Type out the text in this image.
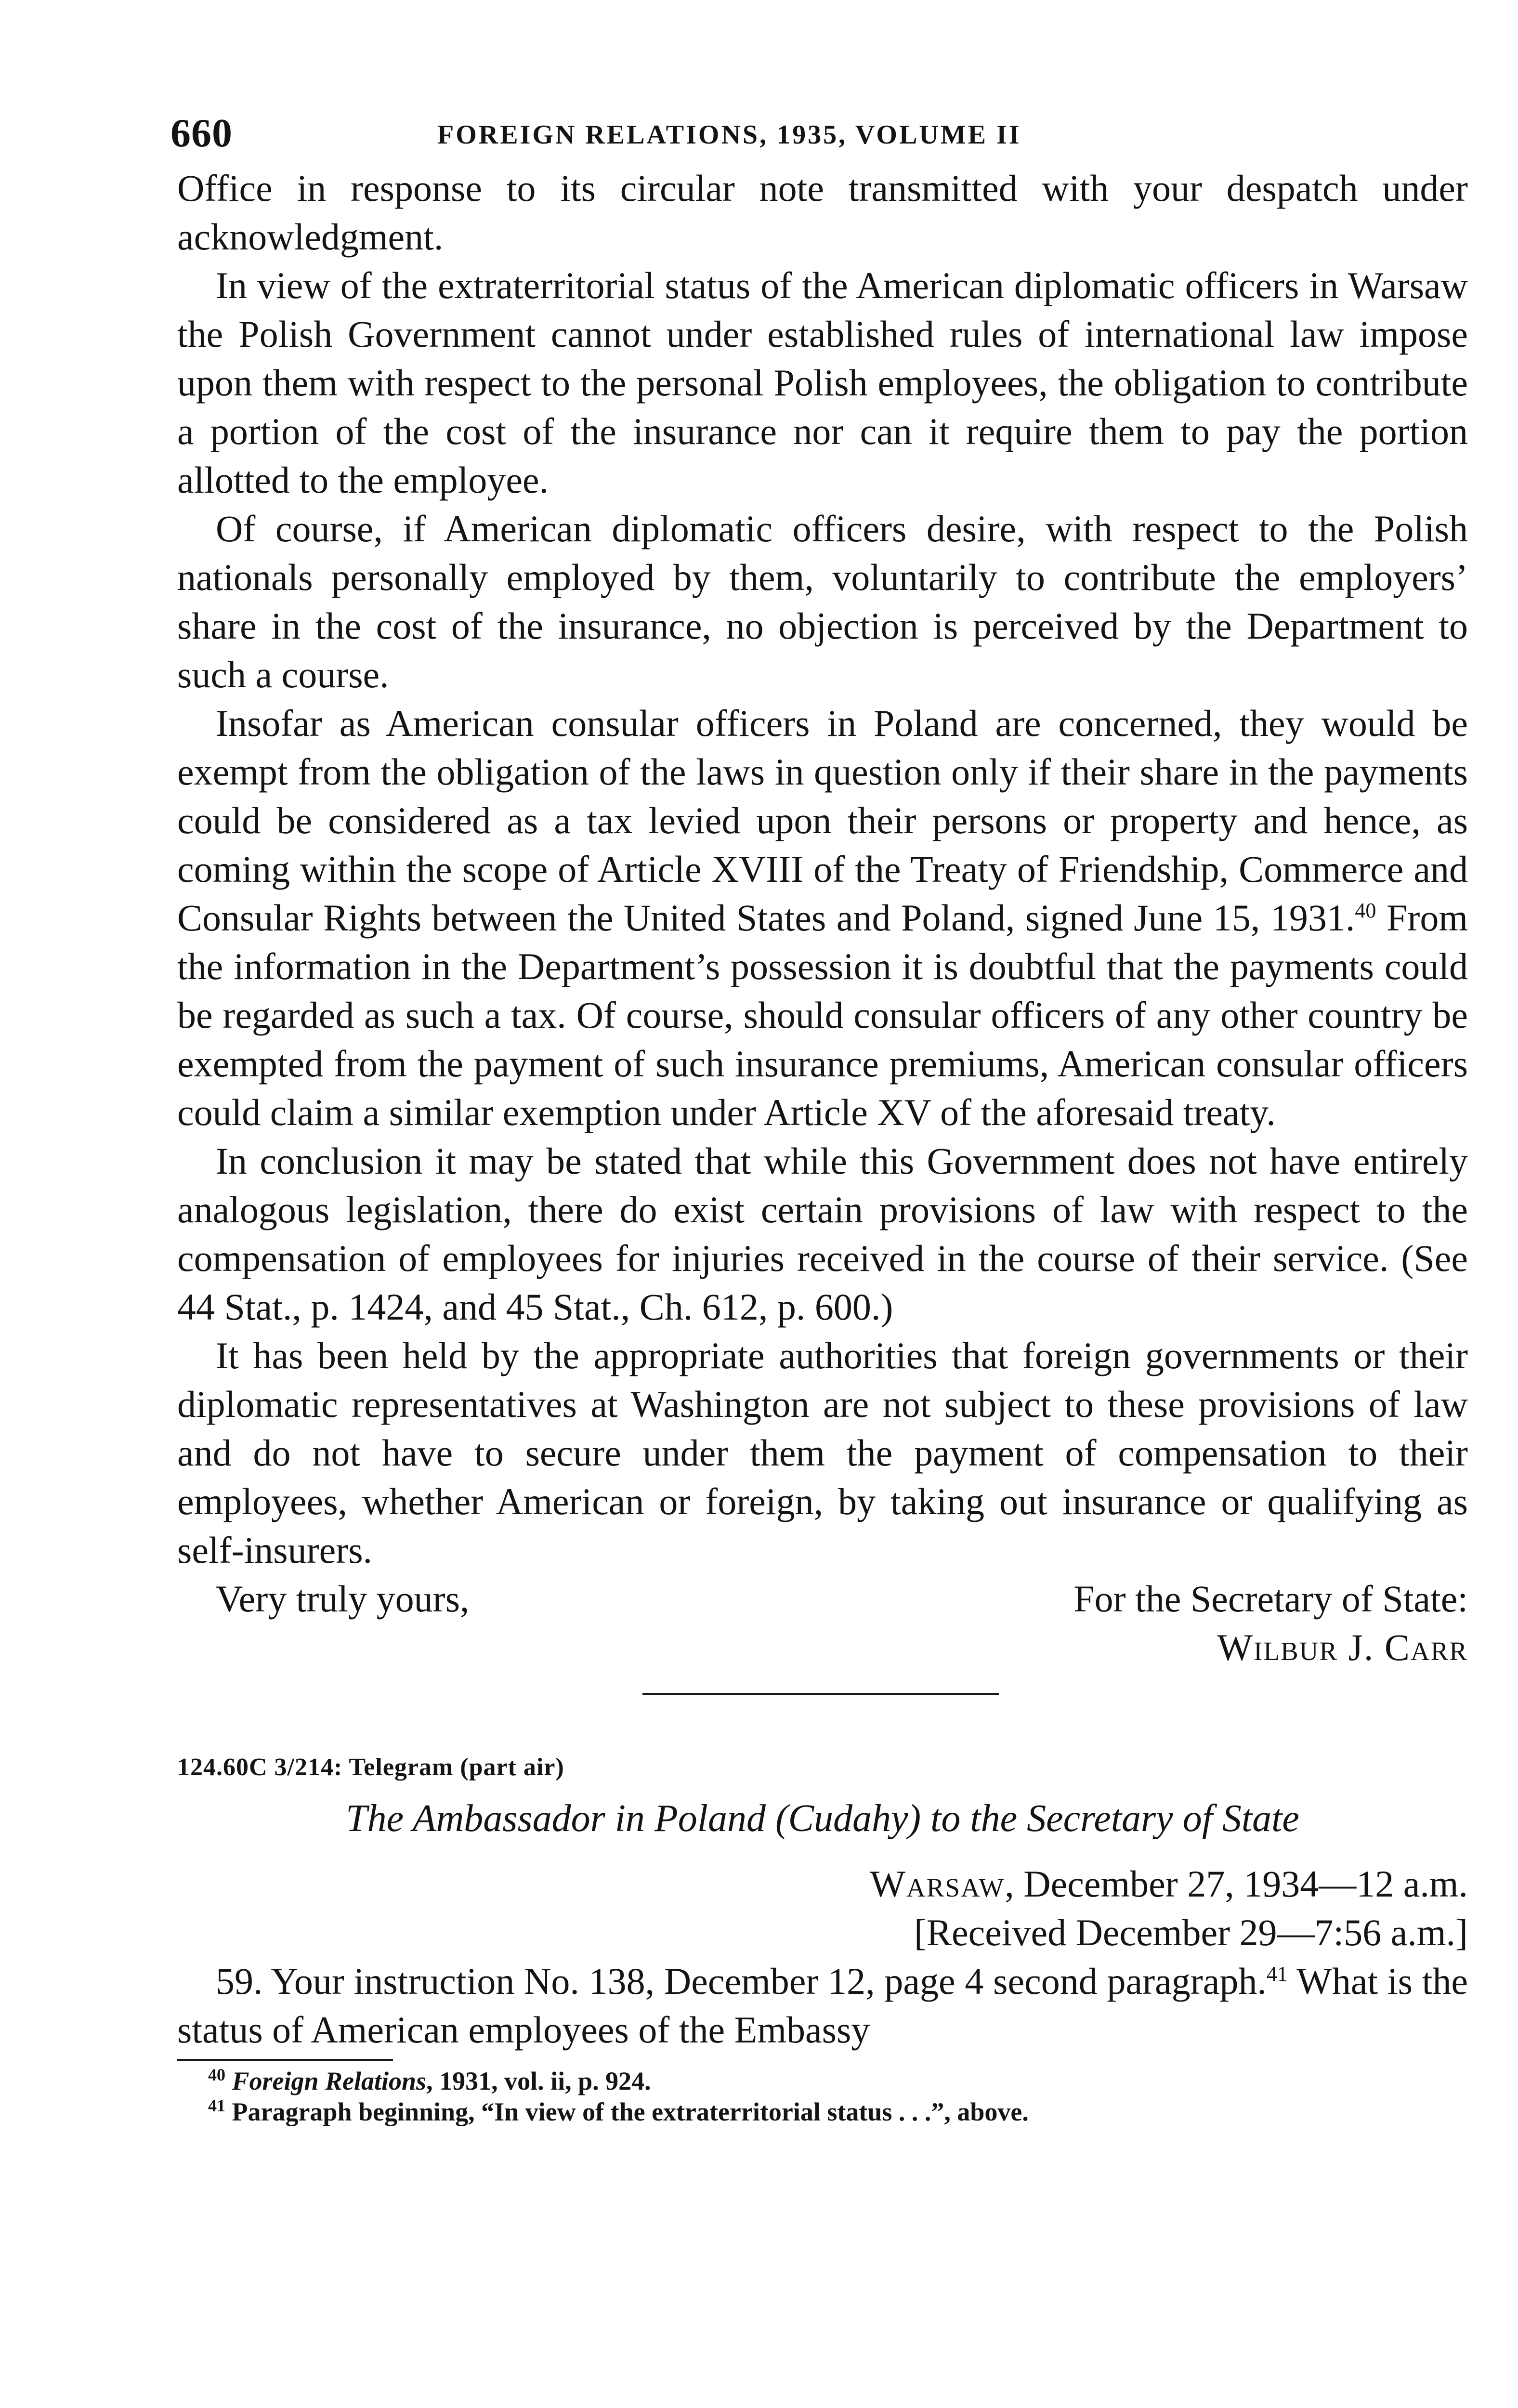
660	FOREIGN RELATIONS, 1935, VOLUME II

Office in response to its circular note transmitted with your despatch under acknowledgment.

In view of the extraterritorial status of the American diplomatic officers in Warsaw the Polish Government cannot under established rules of international law impose upon them with respect to the personal Polish employees, the obligation to contribute a portion of the cost of the insurance nor can it require them to pay the portion allotted to the employee.

Of course, if American diplomatic officers desire, with respect to the Polish nationals personally employed by them, voluntarily to contribute the employers’ share in the cost of the insurance, no objection is perceived by the Department to such a course.

Insofar as American consular officers in Poland are concerned, they would be exempt from the obligation of the laws in question only if their share in the payments could be considered as a tax levied upon their persons or property and hence, as coming within the scope of Article XVIII of the Treaty of Friendship, Commerce and Consular Rights between the United States and Poland, signed June 15, 1931.40 From the information in the Department’s possession it is doubtful that the payments could be regarded as such a tax. Of course, should consular officers of any other country be exempted from the payment of such insurance premiums, American consular officers could claim a similar exemption under Article XV of the aforesaid treaty.

In conclusion it may be stated that while this Government does not have entirely analogous legislation, there do exist certain provisions of law with respect to the compensation of employees for injuries received in the course of their service. (See 44 Stat., p. 1424, and 45 Stat., Ch. 612, p. 600.)

It has been held by the appropriate authorities that foreign governments or their diplomatic representatives at Washington are not subject to these provisions of law and do not have to secure under them the payment of compensation to their employees, whether American or foreign, by taking out insurance or qualifying as self-insurers.

Very truly yours,	For the Secretary of State:
Wilbur J. Carr
124.60C 3/214: Telegram (part air)
The Ambassador in Poland (Cudahy) to the Secretary of State
Warsaw, December 27, 1934—12 a.m.
[Received December 29—7:56 a.m.]

59. Your instruction No. 138, December 12, page 4 second paragraph.$^{41}$ What is the status of American employees of the Embassy

$^{40}$ Foreign Relations, 1931, vol. ii, p. 924.
$^{41}$ Paragraph beginning, “In view of the extraterritorial status . . .”, above.
